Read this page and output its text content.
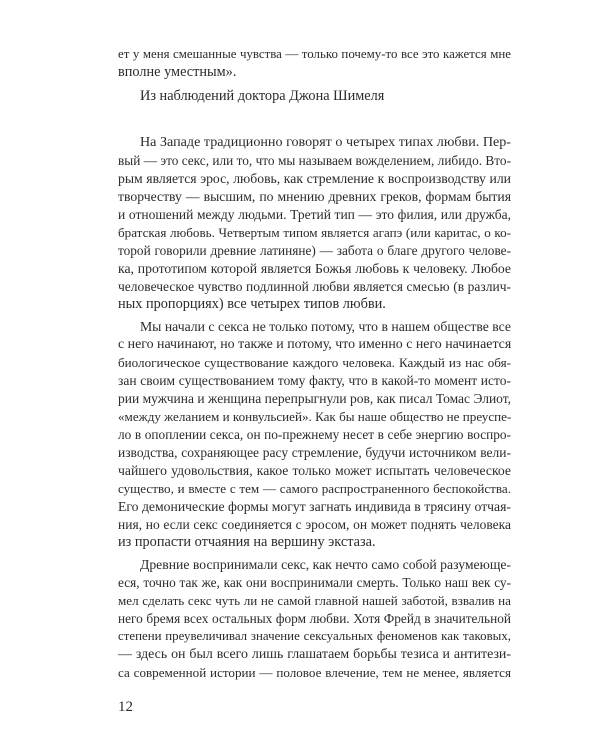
ет у меня смешанные чувства — только почему-то все это кажется мне
вполне уместным».
Из наблюдений доктора Джона Шимеля
На Западе традиционно говорят о четырех типах любви. Пер-
вый — это секс, или то, что мы называем вожделением, либидо. Вто-
рым является эрос, любовь, как стремление к воспроизводству или
творчеству — высшим, по мнению древних греков, формам бытия
и отношений между людьми. Третий тип — это филия, или дружба,
братская любовь. Четвертым типом является агапэ (или каритас, о ко-
торой говорили древние латиняне) — забота о благе другого челове-
ка, прототипом которой является Божья любовь к человеку. Любое
человеческое чувство подлинной любви является смесью (в различ-
ных пропорциях) все четырех типов любви.
Мы начали с секса не только потому, что в нашем обществе все
с него начинают, но также и потому, что именно с него начинается
биологическое существование каждого человека. Каждый из нас обя-
зан своим существованием тому факту, что в какой-то момент исто-
рии мужчина и женщина перепрыгнули ров, как писал Томас Элиот,
«между желанием и конвульсией». Как бы наше общество не преуспе-
ло в опоплении секса, он по-прежнему несет в себе энергию воспро-
изводства, сохраняющее расу стремление, будучи источником вели-
чайшего удовольствия, какое только может испытать человеческое
существо, и вместе с тем — самого распространенного беспокойства.
Его демонические формы могут загнать индивида в трясину отчая-
ния, но если секс соединяется с эросом, он может поднять человека
из пропасти отчаяния на вершину экстаза.
Древние воспринимали секс, как нечто само собой разумеюще-
еся, точно так же, как они воспринимали смерть. Только наш век су-
мел сделать секс чуть ли не самой главной нашей заботой, взвалив на
него бремя всех остальных форм любви. Хотя Фрейд в значительной
степени преувеличивал значение сексуальных феноменов как таковых,
— здесь он был всего лишь глашатаем борьбы тезиса и антитези-
са современной истории — половое влечение, тем не менее, является
12
